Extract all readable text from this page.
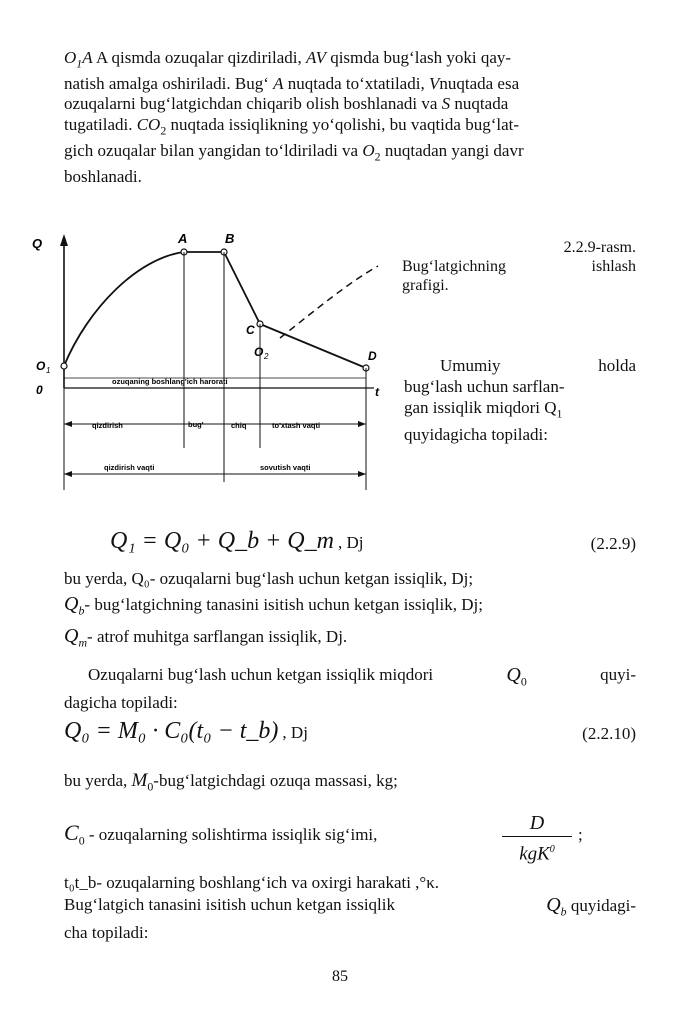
$O_1A$ A qismda ozuqalar qizdiriladi, AV qismda bug‘lash yoki qay-
natish amalga oshiriladi. Bug‘ A nuqtada to‘xtatiladi, Vnuqtada esa
ozuqalarni bug‘latgichdan chiqarib olish boshlanadi va S nuqtada
tugatiladi. $CO_2$ nuqtada issiqlikning yo‘qolishi, bu vaqtida bug‘lat-
gich ozuqalar bilan yangidan to‘ldiriladi va $O_2$ nuqtadan yangi davr
boshlanadi.
Q
t
A	B
C
D
O 1
O 2
0
ozuqaning boshlang'ich harorati
qizdirish	bug'	chiq	to'xtash vaqti
qizdirish vaqti	sovutish vaqti
2.2.9-rasm.
Bug‘latgichning	ishlash
grafigi.
Umumiy	holda
bug‘lash uchun sarflan-
gan issiqlik miqdori $Q_1$
quyidagicha topiladi:
Q₁ = Q₀ + Q_b + Q_m , Dj	(2.2.9)
bu yerda, Q₀- ozuqalarni bug‘lash uchun ketgan issiqlik, Dj;
$Q_b-$ bug‘latgichning tanasini isitish uchun ketgan issiqlik, Dj;
$Q_m-$ atrof muhitga sarflangan issiqlik, Dj.
Ozuqalarni bug‘lash uchun ketgan issiqlik miqdori	$Q_0$	quyi-
dagicha topiladi:
Q₀ = M₀ · C₀(t₀ − t_b) , Dj	(2.2.10)
bu yerda, $M_0-bug‘latgichdagi$ ozuqa massasi, kg;
$C_0$ - ozuqalarning solishtirma issiqlik sig‘imi,
D
kgK$^0$
;
t₀t_b- ozuqalarning boshlang‘ich va oxirgi harakati ,°κ.
Bug‘latgich tanasini isitish uchun ketgan issiqlik	$Q_b$ quyidagi-
cha topiladi:
85
